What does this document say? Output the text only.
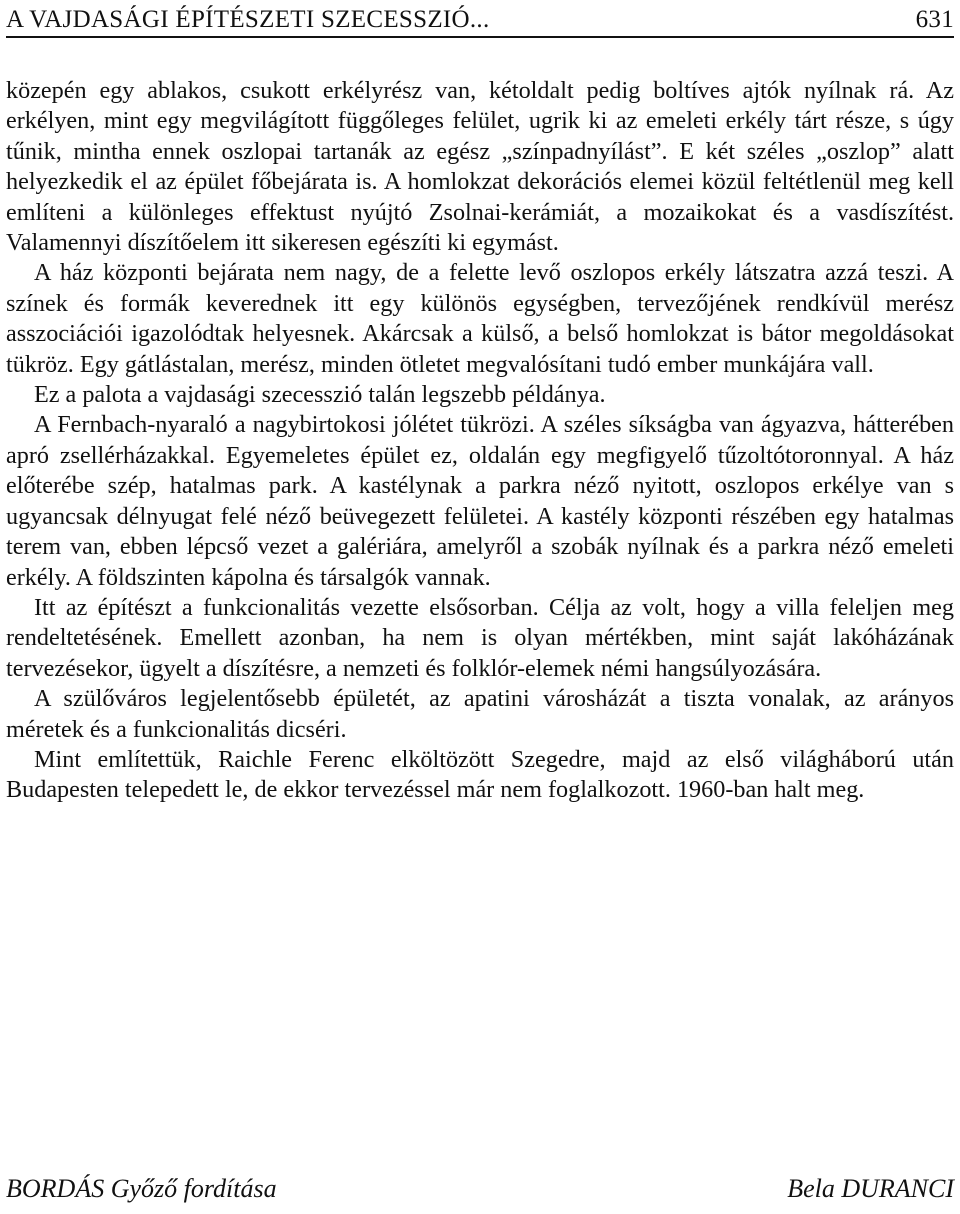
A VAJDASÁGI ÉPÍTÉSZETI SZECESSZIÓ...	631

közepén egy ablakos, csukott erkélyrész van, kétoldalt pedig boltíves ajtók nyílnak rá. Az erkélyen, mint egy megvilágított függőleges felület, ugrik ki az emeleti erkély tárt része, s úgy tűnik, mintha ennek oszlopai tartanák az egész „színpadnyílást”. E két széles „oszlop” alatt helyezkedik el az épület főbejárata is. A homlokzat dekorációs elemei közül feltétlenül meg kell említeni a különleges effektust nyújtó Zsolnai-kerámiát, a mozaikokat és a vasdíszítést. Valamennyi díszítőelem itt sikeresen egészíti ki egymást.

A ház központi bejárata nem nagy, de a felette levő oszlopos erkély látszatra azzá teszi. A színek és formák keverednek itt egy különös egységben, tervezőjének rendkívül merész asszociációi igazolódtak helyesnek. Akárcsak a külső, a belső homlokzat is bátor megoldásokat tükröz. Egy gátlástalan, merész, minden ötletet megvalósítani tudó ember munkájára vall.

Ez a palota a vajdasági szecesszió talán legszebb példánya.

A Fernbach-nyaraló a nagybirtokosi jólétet tükrözi. A széles síkságba van ágyazva, hátterében apró zsellérházakkal. Egyemeletes épület ez, oldalán egy megfigyelő tűzoltótoronnyal. A ház előterébe szép, hatalmas park. A kastélynak a parkra néző nyitott, oszlopos erkélye van s ugyancsak délnyugat felé néző beüvegezett felületei. A kastély központi részében egy hatalmas terem van, ebben lépcső vezet a galériára, amelyről a szobák nyílnak és a parkra néző emeleti erkély. A földszinten kápolna és társalgók vannak.

Itt az építészt a funkcionalitás vezette elsősorban. Célja az volt, hogy a villa feleljen meg rendeltetésének. Emellett azonban, ha nem is olyan mértékben, mint saját lakóházának tervezésekor, ügyelt a díszítésre, a nemzeti és folklór-elemek némi hangsúlyozására.

A szülőváros legjelentősebb épületét, az apatini városházát a tiszta vonalak, az arányos méretek és a funkcionalitás dicséri.

Mint említettük, Raichle Ferenc elköltözött Szegedre, majd az első világháború után Budapesten telepedett le, de ekkor tervezéssel már nem foglalkozott. 1960-ban halt meg.

BORDÁS Győző fordítása	Bela DURANCI
